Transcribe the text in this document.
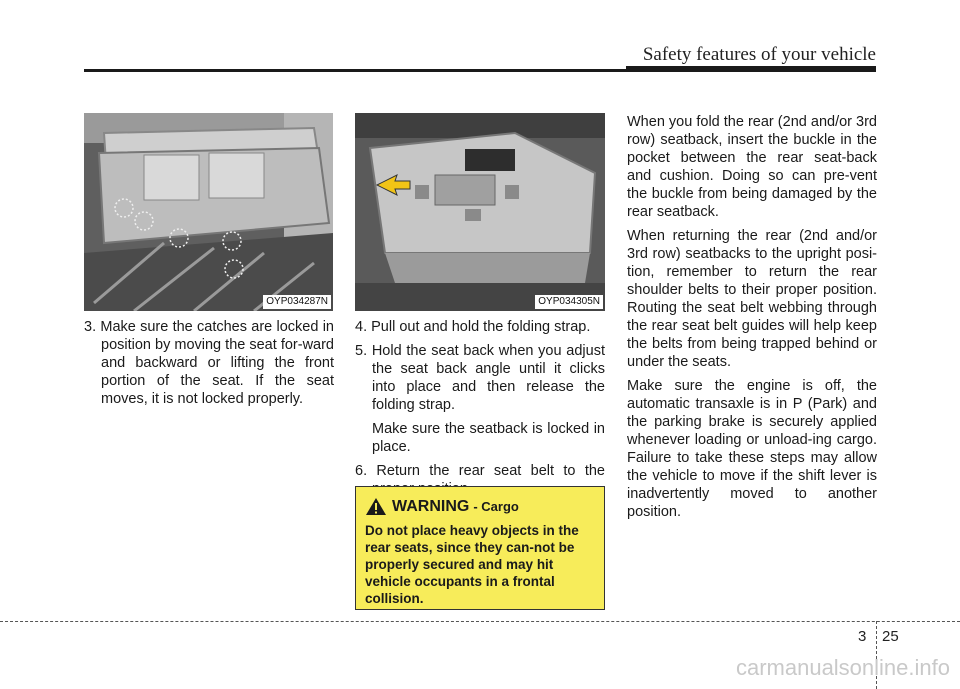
Safety features of your vehicle
OYP034287N	OYP034305N

3. Make sure the catches are locked in position by moving the seat for-ward and backward or lifting the front portion of the seat. If the seat moves, it is not locked properly.

4. Pull out and hold the folding strap.

5. Hold the seat back when you adjust the seat back angle until it clicks into place and then release the folding strap.

Make sure the seatback is locked in place.

6. Return the rear seat belt to the

When you fold the rear (2nd and/or 3rd row) seatback, insert the buckle in the pocket between the rear seat-back and cushion. Doing so can pre-vent the buckle from being damaged by the rear seatback.

When returning the rear (2nd and/or 3rd row) seatbacks to the upright posi-tion, remember to return the rear shoulder belts to their proper position. Routing the seat belt webbing through the rear seat belt guides will help keep the belts from being trapped behind or under the seats.

Make sure the engine is off, the automatic transaxle is in P (Park) and the parking brake is securely applied whenever loading or unload-ing cargo. Failure to take these steps may allow the vehicle to move if the shift lever is inadvertently moved to another position.

WARNING - Cargo
Do not place heavy objects in the rear seats, since they can-not be properly secured and may hit vehicle occupants in a frontal collision.
3 25
carmanualsonline.info
